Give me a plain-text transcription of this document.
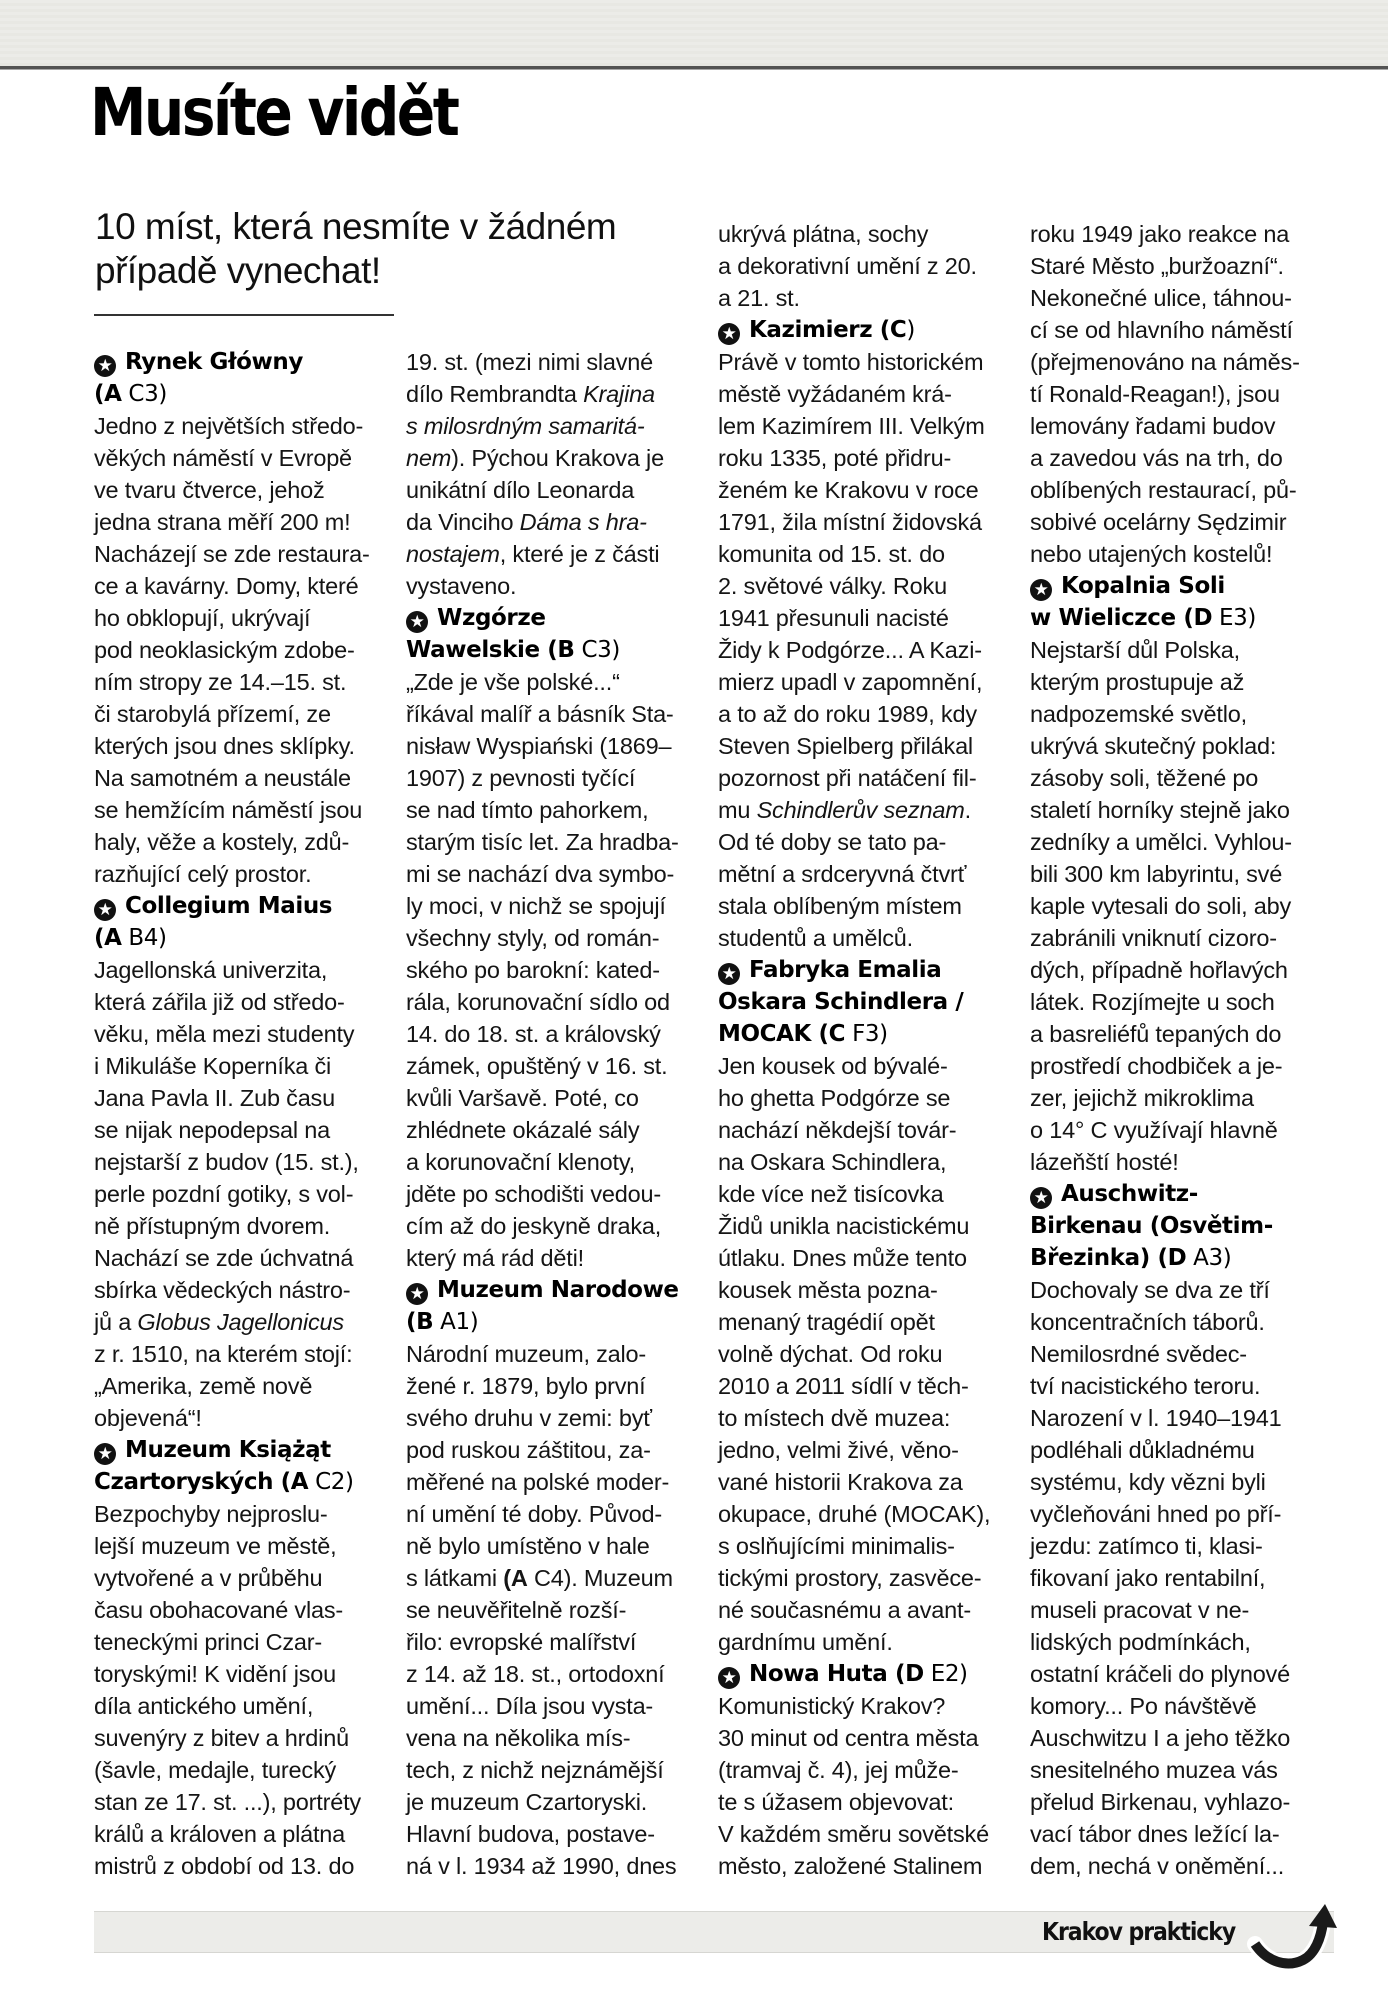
Musíte vidět
10 míst, která nesmíte v žádném
případě vynechat!
★ Rynek Główny
(A C3)
Jedno z největších středo-
věkých náměstí v Evropě
ve tvaru čtverce, jehož
jedna strana měří 200 m!
Nacházejí se zde restaura-
ce a kavárny. Domy, které
ho obklopují, ukrývají
pod neoklasickým zdobe-
ním stropy ze 14.–15. st.
či starobylá přízemí, ze
kterých jsou dnes sklípky.
Na samotném a neustále
se hemžícím náměstí jsou
haly, věže a kostely, zdů-
razňující celý prostor.
★ Collegium Maius
(A B4)
Jagellonská univerzita,
která zářila již od středo-
věku, měla mezi studenty
i Mikuláše Koperníka či
Jana Pavla II. Zub času
se nijak nepodepsal na
nejstarší z budov (15. st.),
perle pozdní gotiky, s vol-
ně přístupným dvorem.
Nachází se zde úchvatná
sbírka vědeckých nástro-
jů a Globus Jagellonicus
z r. 1510, na kterém stojí:
„Amerika, země nově
objevená“!
★ Muzeum Książąt
Czartoryských (A C2)
Bezpochyby nejproslu-
lejší muzeum ve městě,
vytvořené a v průběhu
času obohacované vlas-
teneckými princi Czar-
toryskými! K vidění jsou
díla antického umění,
suvenýry z bitev a hrdinů
(šavle, medajle, turecký
stan ze 17. st. ...), portréty
králů a královen a plátna
mistrů z období od 13. do
19. st. (mezi nimi slavné
dílo Rembrandta Krajina
s milosrdným samaritá-
nem). Pýchou Krakova je
unikátní dílo Leonarda
da Vinciho Dáma s hra-
nostajem, které je z části
vystaveno.
★ Wzgórze
Wawelskie (B C3)
„Zde je vše polské...“
říkával malíř a básník Sta-
nisław Wyspiański (1869–
1907) z pevnosti tyčící
se nad tímto pahorkem,
starým tisíc let. Za hradba-
mi se nachází dva symbo-
ly moci, v nichž se spojují
všechny styly, od román-
ského po barokní: kated-
rála, korunovační sídlo od
14. do 18. st. a královský
zámek, opuštěný v 16. st.
kvůli Varšavě. Poté, co
zhlédnete okázalé sály
a korunovační klenoty,
jděte po schodišti vedou-
cím až do jeskyně draka,
který má rád děti!
★ Muzeum Narodowe
(B A1)
Národní muzeum, zalo-
žené r. 1879, bylo první
svého druhu v zemi: byť
pod ruskou záštitou, za-
měřené na polské moder-
ní umění té doby. Původ-
ně bylo umístěno v hale
s látkami (A C4). Muzeum
se neuvěřitelně rozší-
řilo: evropské malířství
z 14. až 18. st., ortodoxní
umění... Díla jsou vysta-
vena na několika mís-
tech, z nichž nejznámější
je muzeum Czartoryski.
Hlavní budova, postave-
ná v l. 1934 až 1990, dnes
ukrývá plátna, sochy
a dekorativní umění z 20.
a 21. st.
★ Kazimierz (C)
Právě v tomto historickém
městě vyžádaném krá-
lem Kazimírem III. Velkým
roku 1335, poté přidru-
ženém ke Krakovu v roce
1791, žila místní židovská
komunita od 15. st. do
2. světové války. Roku
1941 přesunuli nacisté
Židy k Podgórze... A Kazi-
mierz upadl v zapomnění,
a to až do roku 1989, kdy
Steven Spielberg přilákal
pozornost při natáčení fil-
mu Schindlerův seznam.
Od té doby se tato pa-
mětní a srdceryvná čtvrť
stala oblíbeným místem
studentů a umělců.
★ Fabryka Emalia
Oskara Schindlera /
MOCAK (C F3)
Jen kousek od bývalé-
ho ghetta Podgórze se
nachází někdejší továr-
na Oskara Schindlera,
kde více než tisícovka
Židů unikla nacistickému
útlaku. Dnes může tento
kousek města pozna-
menaný tragédií opět
volně dýchat. Od roku
2010 a 2011 sídlí v těch-
to místech dvě muzea:
jedno, velmi živé, věno-
vané historii Krakova za
okupace, druhé (MOCAK),
s oslňujícími minimalis-
tickými prostory, zasvěce-
né současnému a avant-
gardnímu umění.
★ Nowa Huta (D E2)
Komunistický Krakov?
30 minut od centra města
(tramvaj č. 4), jej může-
te s úžasem objevovat:
V každém směru sovětské
město, založené Stalinem
roku 1949 jako reakce na
Staré Město „buržoazní“.
Nekonečné ulice, táhnou-
cí se od hlavního náměstí
(přejmenováno na náměs-
tí Ronald-Reagan!), jsou
lemovány řadami budov
a zavedou vás na trh, do
oblíbených restaurací, pů-
sobivé ocelárny Sędzimir
nebo utajených kostelů!
★ Kopalnia Soli
w Wieliczce (D E3)
Nejstarší důl Polska,
kterým prostupuje až
nadpozemské světlo,
ukrývá skutečný poklad:
zásoby soli, těžené po
staletí horníky stejně jako
zedníky a umělci. Vyhlou-
bili 300 km labyrintu, své
kaple vytesali do soli, aby
zabránili vniknutí cizoro-
dých, případně hořlavých
látek. Rozjímejte u soch
a basreliéfů tepaných do
prostředí chodbiček a je-
zer, jejichž mikroklima
o 14° C využívají hlavně
lázeňští hosté!
★ Auschwitz-
Birkenau (Osvětim-
Březinka) (D A3)
Dochovaly se dva ze tří
koncentračních táborů.
Nemilosrdné svědec-
tví nacistického teroru.
Narození v l. 1940–1941
podléhali důkladnému
systému, kdy vězni byli
vyčleňováni hned po pří-
jezdu: zatímco ti, klasi-
fikovaní jako rentabilní,
museli pracovat v ne-
lidských podmínkách,
ostatní kráčeli do plynové
komory... Po návštěvě
Auschwitzu I a jeho těžko
snesitelného muzea vás
přelud Birkenau, vyhlazo-
vací tábor dnes ležící la-
dem, nechá v oněmění...
Krakov prakticky
